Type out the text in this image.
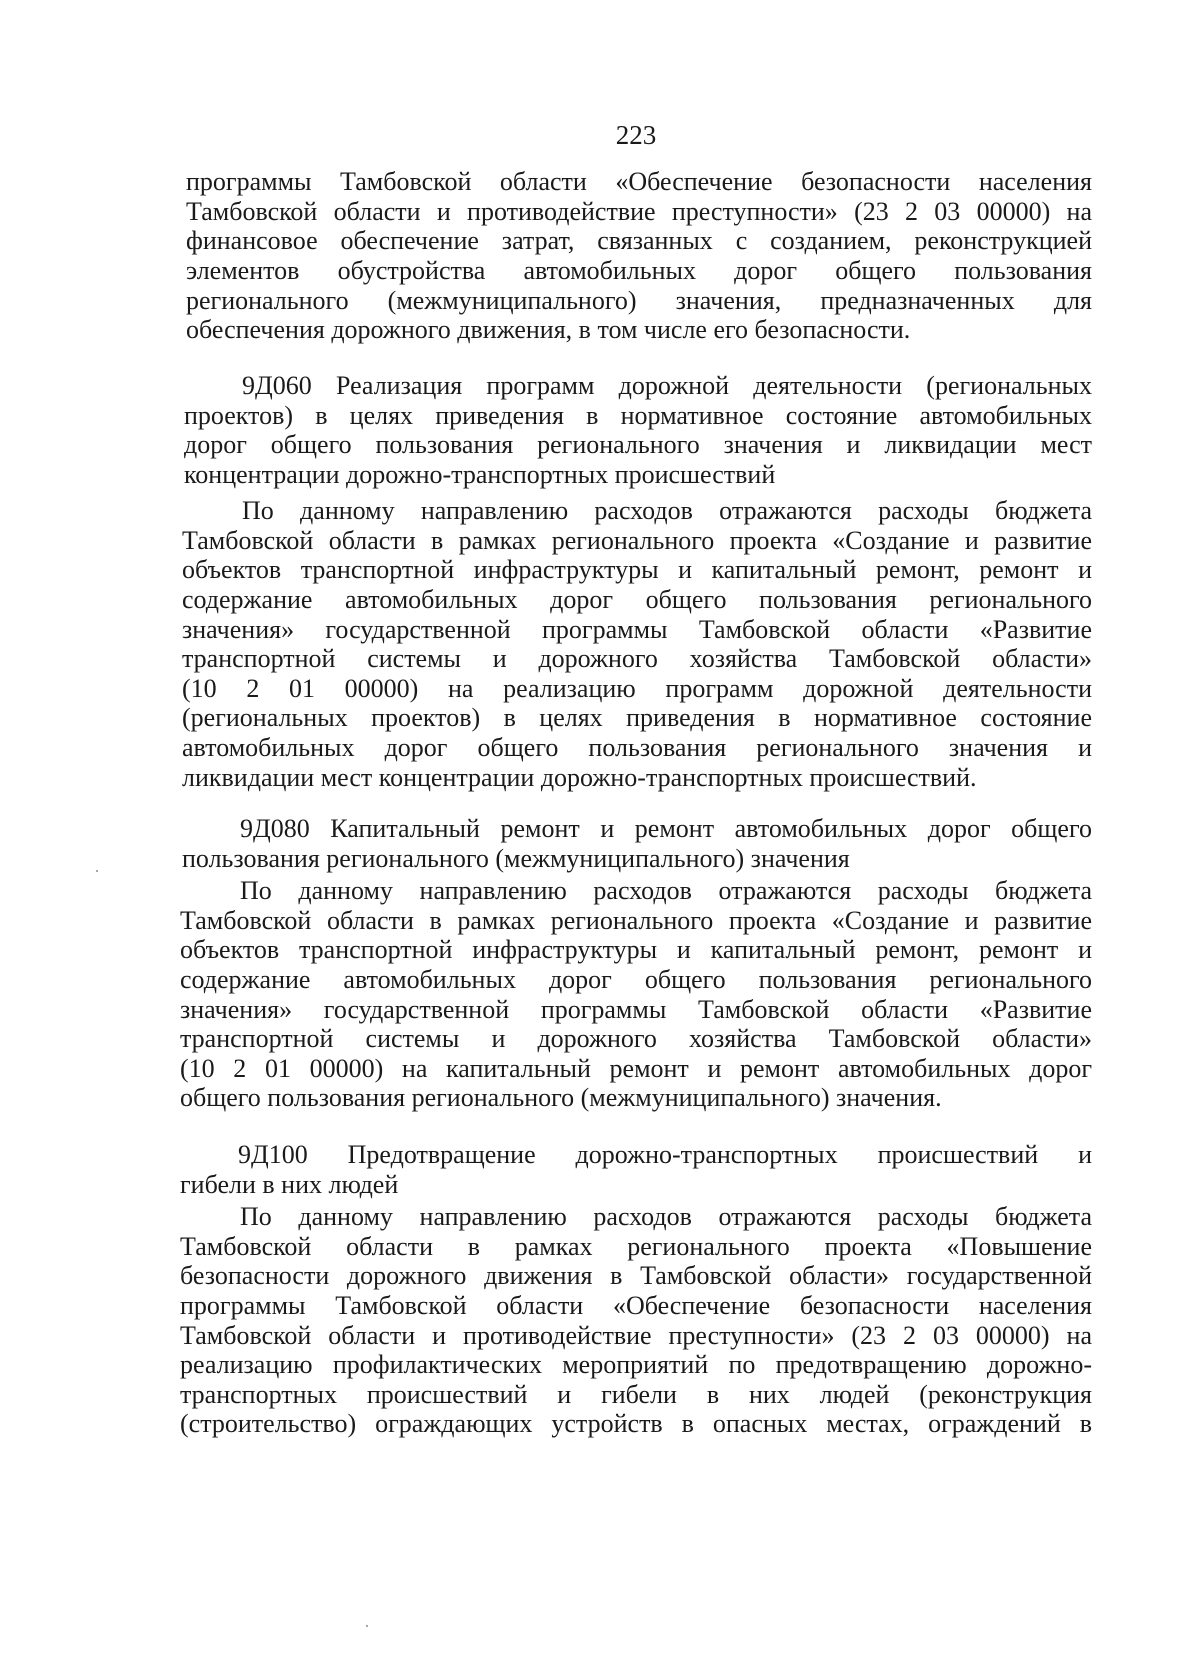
223
программы Тамбовской области «Обеспечение безопасности населения
Тамбовской области и противодействие преступности» (23 2 03 00000) на
финансовое обеспечение затрат, связанных с созданием, реконструкцией
элементов обустройства автомобильных дорог общего пользования
регионального (межмуниципального) значения, предназначенных для
обеспечения дорожного движения, в том числе его безопасности.
9Д060 Реализация программ дорожной деятельности (региональных
проектов) в целях приведения в нормативное состояние автомобильных
дорог общего пользования регионального значения и ликвидации мест
концентрации дорожно-транспортных происшествий
По данному направлению расходов отражаются расходы бюджета
Тамбовской области в рамках регионального проекта «Создание и развитие
объектов транспортной инфраструктуры и капитальный ремонт, ремонт и
содержание автомобильных дорог общего пользования регионального
значения» государственной программы Тамбовской области «Развитие
транспортной системы и дорожного хозяйства Тамбовской области»
(10 2 01 00000) на реализацию программ дорожной деятельности
(региональных проектов) в целях приведения в нормативное состояние
автомобильных дорог общего пользования регионального значения и
ликвидации мест концентрации дорожно-транспортных происшествий.
9Д080 Капитальный ремонт и ремонт автомобильных дорог общего
пользования регионального (межмуниципального) значения
По данному направлению расходов отражаются расходы бюджета
Тамбовской области в рамках регионального проекта «Создание и развитие
объектов транспортной инфраструктуры и капитальный ремонт, ремонт и
содержание автомобильных дорог общего пользования регионального
значения» государственной программы Тамбовской области «Развитие
транспортной системы и дорожного хозяйства Тамбовской области»
(10 2 01 00000) на капитальный ремонт и ремонт автомобильных дорог
общего пользования регионального (межмуниципального) значения.
9Д100 Предотвращение дорожно-транспортных происшествий и
гибели в них людей
По данному направлению расходов отражаются расходы бюджета
Тамбовской области в рамках регионального проекта «Повышение
безопасности дорожного движения в Тамбовской области» государственной
программы Тамбовской области «Обеспечение безопасности населения
Тамбовской области и противодействие преступности» (23 2 03 00000) на
реализацию профилактических мероприятий по предотвращению дорожно-
транспортных происшествий и гибели в них людей (реконструкция
(строительство) ограждающих устройств в опасных местах, ограждений в
